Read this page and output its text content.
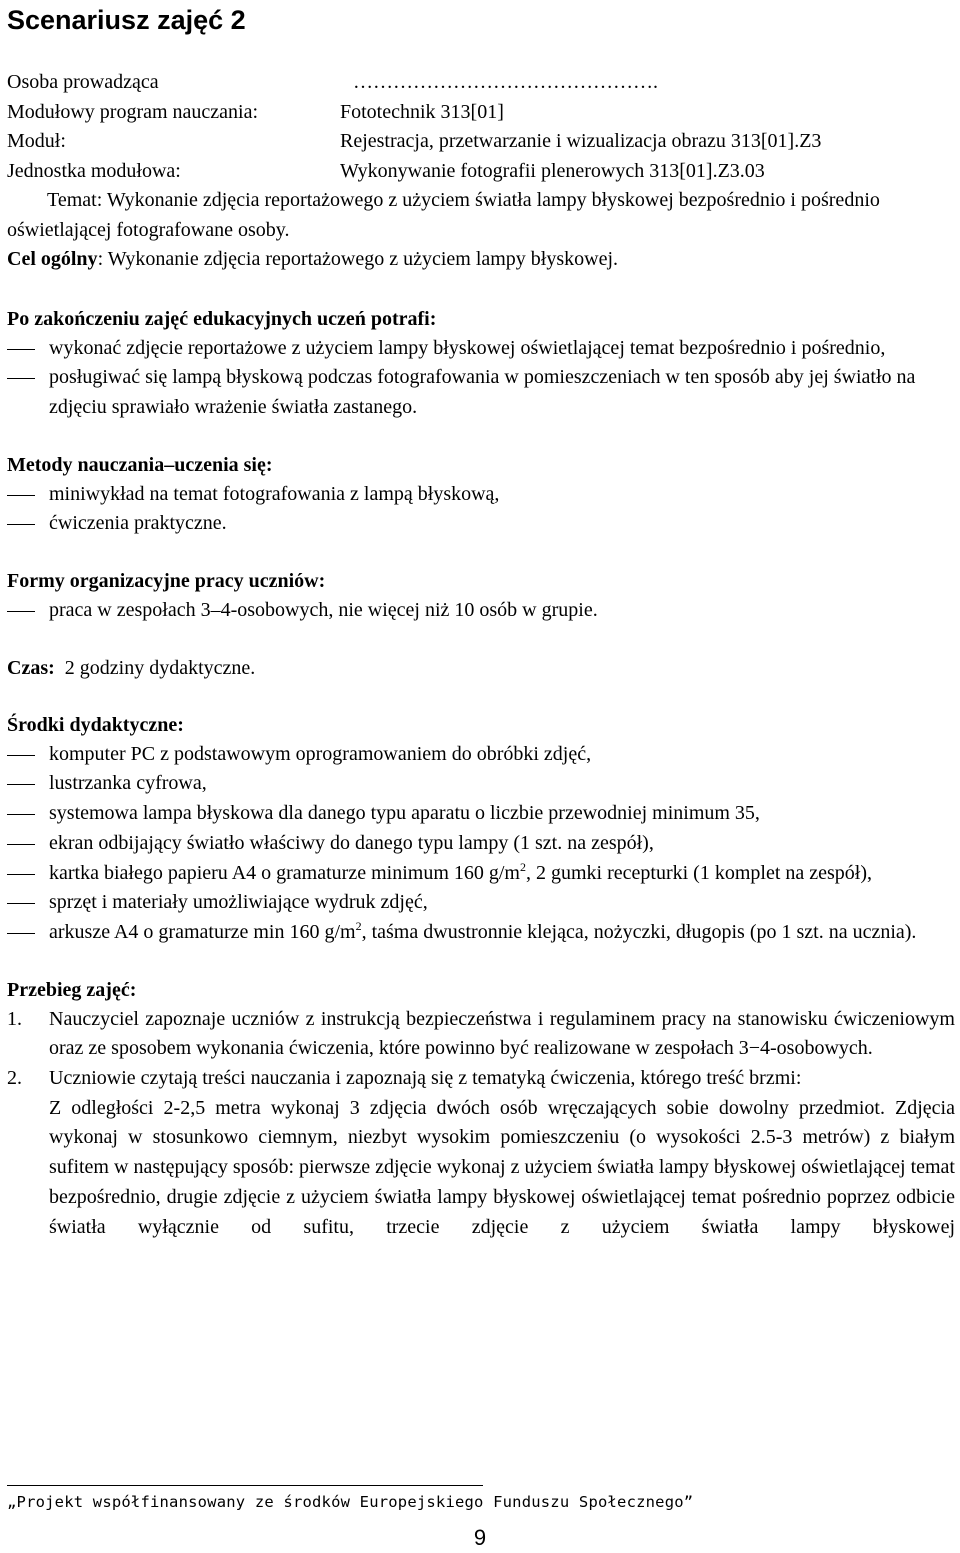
Scenariusz zajęć 2
Osoba prowadząca	……………………………………….
Modułowy program nauczania:	Fototechnik 313[01]
Moduł:	Rejestracja, przetwarzanie i wizualizacja obrazu 313[01].Z3
Jednostka modułowa:	Wykonywanie fotografii plenerowych 313[01].Z3.03

Temat: Wykonanie zdjęcia reportażowego z użyciem światła lampy błyskowej bezpośrednio i pośrednio oświetlającej fotografowane osoby.

Cel ogólny: Wykonanie zdjęcia reportażowego z użyciem lampy błyskowej.

Po zakończeniu zajęć edukacyjnych uczeń potrafi:

wykonać zdjęcie reportażowe z użyciem lampy błyskowej oświetlającej temat bezpośrednio i pośrednio,
posługiwać się lampą błyskową podczas fotografowania w pomieszczeniach w ten sposób aby jej światło na zdjęciu sprawiało wrażenie światła zastanego.

Metody nauczania–uczenia się:

miniwykład na temat fotografowania z lampą błyskową,
ćwiczenia praktyczne.

Formy organizacyjne pracy uczniów:

praca w zespołach 3–4-osobowych, nie więcej niż 10 osób w grupie.

Czas: 2 godziny dydaktyczne.

Środki dydaktyczne:

komputer PC z podstawowym oprogramowaniem do obróbki zdjęć,
lustrzanka cyfrowa,
systemowa lampa błyskowa dla danego typu aparatu o liczbie przewodniej minimum 35,
ekran odbijający światło właściwy do danego typu lampy (1 szt. na zespół),
kartka białego papieru A4 o gramaturze minimum 160 $g/m^2$, 2 gumki recepturki (1 komplet na zespół),
sprzęt i materiały umożliwiające wydruk zdjęć,
arkusze A4 o gramaturze min 160 $g/m^2$, taśma dwustronnie klejąca, nożyczki, długopis (po 1 szt. na ucznia).

Przebieg zajęć:

1. Nauczyciel zapoznaje uczniów z instrukcją bezpieczeństwa i regulaminem pracy na stanowisku ćwiczeniowym oraz ze sposobem wykonania ćwiczenia, które powinno być realizowane w zespołach 3−4-osobowych.
2. Uczniowie czytają treści nauczania i zapoznają się z tematyką ćwiczenia, którego treść brzmi:
Z odległości 2-2,5 metra wykonaj 3 zdjęcia dwóch osób wręczających sobie dowolny przedmiot. Zdjęcia wykonaj w stosunkowo ciemnym, niezbyt wysokim pomieszczeniu (o wysokości 2.5-3 metrów) z białym sufitem w następujący sposób: pierwsze zdjęcie wykonaj z użyciem światła lampy błyskowej oświetlającej temat bezpośrednio, drugie zdjęcie z użyciem światła lampy błyskowej oświetlającej temat pośrednio poprzez odbicie światła wyłącznie od sufitu, trzecie zdjęcie z użyciem światła lampy błyskowej
„Projekt współfinansowany ze środków Europejskiego Funduszu Społecznego”
9
